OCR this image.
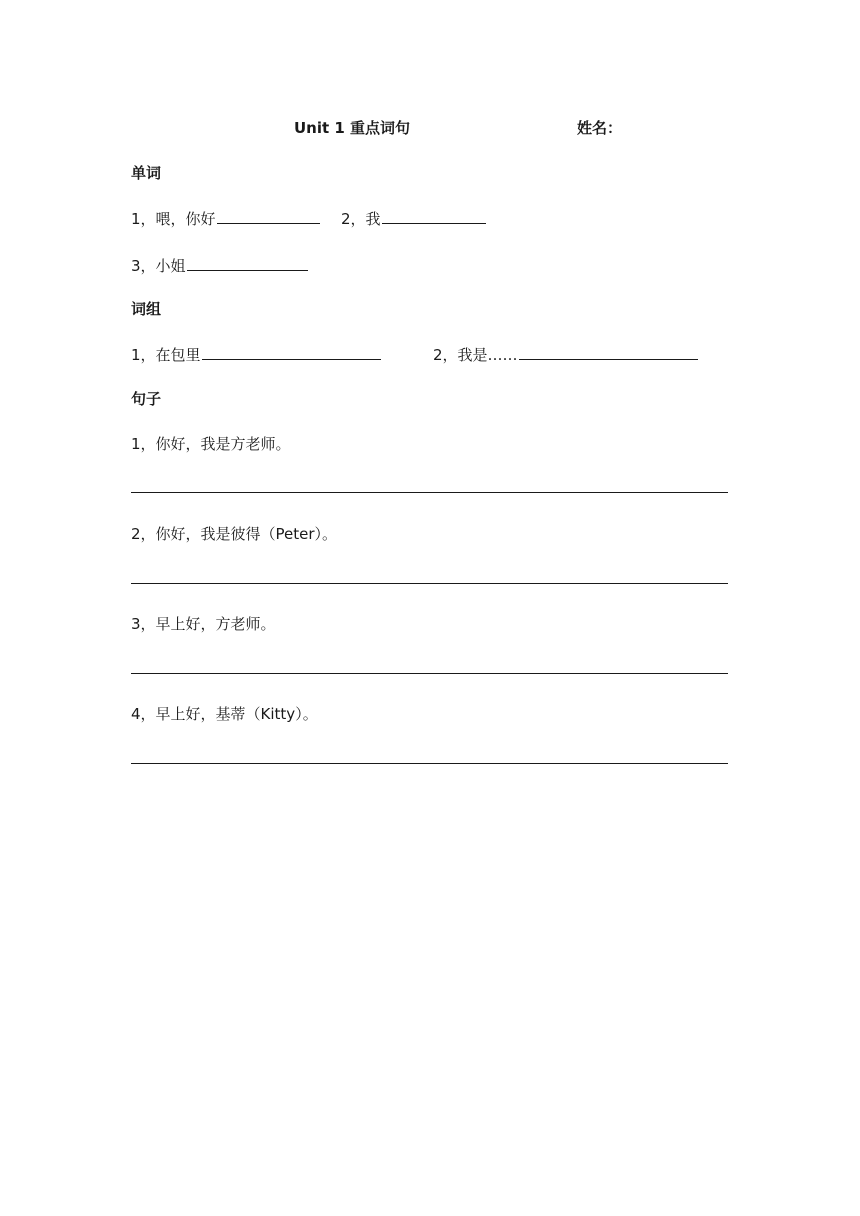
Unit 1 重点词句	姓名：
单词
1，喂，你好	2，我
3，小姐
词组
1，在包里	2，我是……
句子
1，你好，我是方老师。
2，你好，我是彼得（Peter）。
3，早上好，方老师。
4，早上好，基蒂（Kitty）。
